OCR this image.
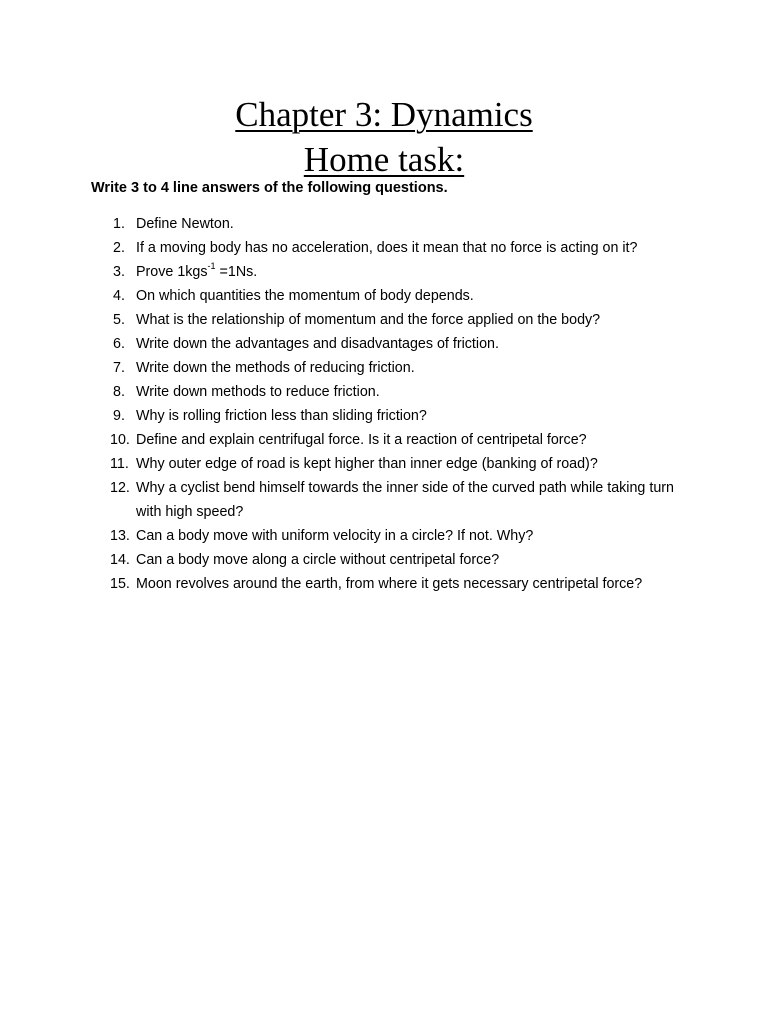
Chapter 3: Dynamics
Home task:

Write 3 to 4 line answers of the following questions.

1. Define Newton.
2. If a moving body has no acceleration, does it mean that no force is acting on it?
3. Prove 1kgs$^{-1}$ =1Ns.
4. On which quantities the momentum of body depends.
5. What is the relationship of momentum and the force applied on the body?
6. Write down the advantages and disadvantages of friction.
7. Write down the methods of reducing friction.
8. Write down methods to reduce friction.
9. Why is rolling friction less than sliding friction?
10. Define and explain centrifugal force. Is it a reaction of centripetal force?
11. Why outer edge of road is kept higher than inner edge (banking of road)?
12. Why a cyclist bend himself towards the inner side of the curved path while taking turn with high speed?
13. Can a body move with uniform velocity in a circle? If not. Why?
14. Can a body move along a circle without centripetal force?
15. Moon revolves around the earth, from where it gets necessary centripetal force?
